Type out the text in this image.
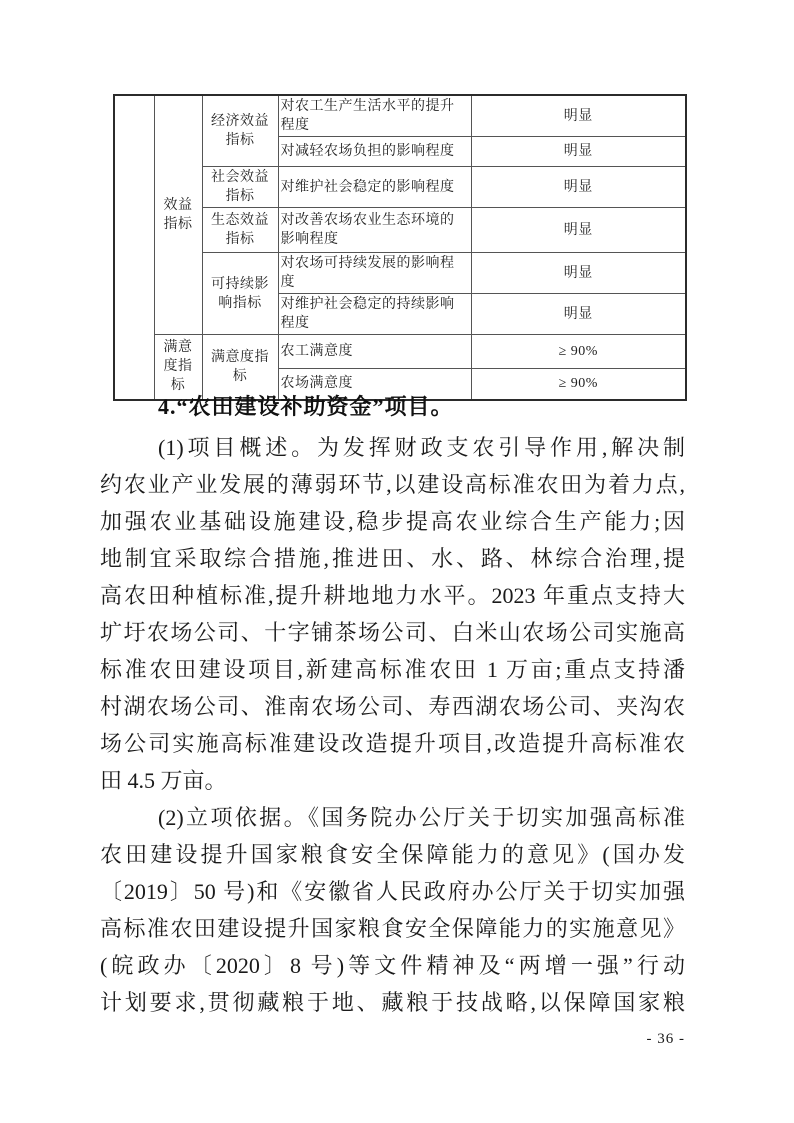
	效益指标	经济效益指标	对农工生产生活水平的提升程度	明显
			对减轻农场负担的影响程度	明显
		社会效益指标	对维护社会稳定的影响程度	明显
		生态效益指标	对改善农场农业生态环境的影响程度	明显
		可持续影响指标	对农场可持续发展的影响程度	明显
			对维护社会稳定的持续影响程度	明显
	满意度指标	满意度指标	农工满意度	≥ 90%
			农场满意度	≥ 90%
4.“农田建设补助资金”项目。
(1)项目概述。为发挥财政支农引导作用,解决制
约农业产业发展的薄弱环节,以建设高标准农田为着力点,
加强农业基础设施建设,稳步提高农业综合生产能力;因
地制宜采取综合措施,推进田、水、路、林综合治理,提
高农田种植标准,提升耕地地力水平。2023 年重点支持大
圹圩农场公司、十字铺茶场公司、白米山农场公司实施高
标准农田建设项目,新建高标准农田 1 万亩;重点支持潘
村湖农场公司、淮南农场公司、寿西湖农场公司、夹沟农
场公司实施高标准建设改造提升项目,改造提升高标准农
田 4.5 万亩。
(2)立项依据。《国务院办公厅关于切实加强高标准
农田建设提升国家粮食安全保障能力的意见》(国办发
〔2019〕50 号)和《安徽省人民政府办公厅关于切实加强
高标准农田建设提升国家粮食安全保障能力的实施意见》
(皖政办〔2020〕8 号)等文件精神及“两增一强”行动
计划要求,贯彻藏粮于地、藏粮于技战略,以保障国家粮
- 36 -
